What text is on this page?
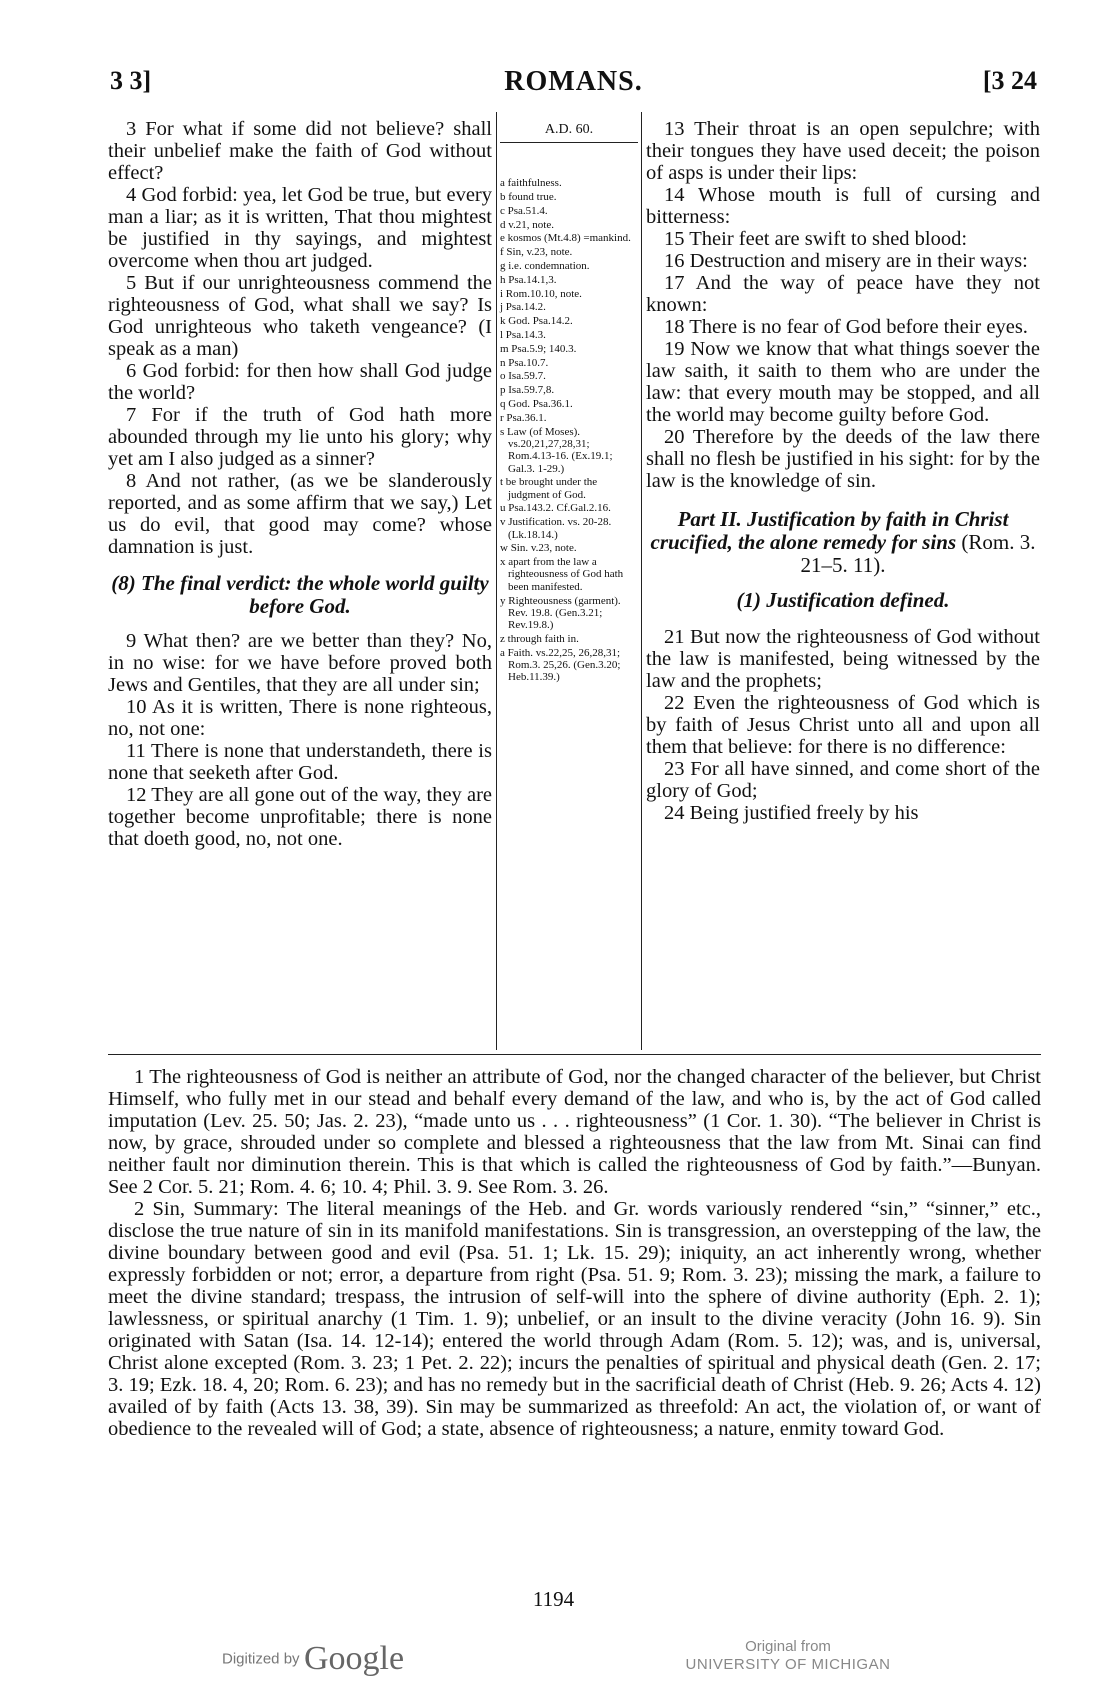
3 3]	ROMANS.	[3 24

3 For what if some did not believe? shall their unbelief make the faith of God without effect?

4 God forbid: yea, let God be true, but every man a liar; as it is written, That thou mightest be justified in thy sayings, and mightest overcome when thou art judged.

5 But if our unrighteousness commend the righteousness of God, what shall we say? Is God unrighteous who taketh vengeance? (I speak as a man)

6 God forbid: for then how shall God judge the world?

7 For if the truth of God hath more abounded through my lie unto his glory; why yet am I also judged as a sinner?

8 And not rather, (as we be slanderously reported, and as some affirm that we say,) Let us do evil, that good may come? whose damnation is just.

(8) The final verdict: the whole world guilty before God.

9 What then? are we better than they? No, in no wise: for we have before proved both Jews and Gentiles, that they are all under sin;

10 As it is written, There is none righteous, no, not one:

11 There is none that understandeth, there is none that seeketh after God.

12 They are all gone out of the way, they are together become unprofitable; there is none that doeth good, no, not one.

A.D. 60.
a faithfulness.
b found true.
c Psa.51.4.
d v.21, note.
e kosmos (Mt.4.8) =mankind.
f Sin, v.23, note.
g i.e. condemnation.
h Psa.14.1,3.
i Rom.10.10, note.
j Psa.14.2.
k God. Psa.14.2.
l Psa.14.3.
m Psa.5.9; 140.3.
n Psa.10.7.
o Isa.59.7.
p Isa.59.7,8.
q God. Psa.36.1.
r Psa.36.1.
s Law (of Moses). vs.20,21,27,28,31; Rom.4.13-16. (Ex.19.1; Gal.3. 1-29.)
t be brought under the judgment of God.
u Psa.143.2. Cf.Gal.2.16.
v Justification. vs. 20-28. (Lk.18.14.)
w Sin. v.23, note.
x apart from the law a righteousness of God hath been manifested.
y Righteousness (garment). Rev. 19.8. (Gen.3.21; Rev.19.8.)
z through faith in.
a Faith. vs.22,25, 26,28,31; Rom.3. 25,26. (Gen.3.20; Heb.11.39.)

13 Their throat is an open sepulchre; with their tongues they have used deceit; the poison of asps is under their lips:

14 Whose mouth is full of cursing and bitterness:

15 Their feet are swift to shed blood:

16 Destruction and misery are in their ways:

17 And the way of peace have they not known:

18 There is no fear of God before their eyes.

19 Now we know that what things soever the law saith, it saith to them who are under the law: that every mouth may be stopped, and all the world may become guilty before God.

20 Therefore by the deeds of the law there shall no flesh be justified in his sight: for by the law is the knowledge of sin.

Part II. Justification by faith in Christ crucified, the alone remedy for sins (Rom. 3. 21–5. 11).

(1) Justification defined.

21 But now the righteousness of God without the law is manifested, being witnessed by the law and the prophets;

22 Even the righteousness of God which is by faith of Jesus Christ unto all and upon all them that believe: for there is no difference:

23 For all have sinned, and come short of the glory of God;

24 Being justified freely by his

1 The righteousness of God is neither an attribute of God, nor the changed character of the believer, but Christ Himself, who fully met in our stead and behalf every demand of the law, and who is, by the act of God called imputation (Lev. 25. 50; Jas. 2. 23), “made unto us . . . righteousness” (1 Cor. 1. 30). “The believer in Christ is now, by grace, shrouded under so complete and blessed a righteousness that the law from Mt. Sinai can find neither fault nor diminution therein. This is that which is called the righteousness of God by faith.”—Bunyan. See 2 Cor. 5. 21; Rom. 4. 6; 10. 4; Phil. 3. 9. See Rom. 3. 26.

2 Sin, Summary: The literal meanings of the Heb. and Gr. words variously rendered “sin,” “sinner,” etc., disclose the true nature of sin in its manifold manifestations. Sin is transgression, an overstepping of the law, the divine boundary between good and evil (Psa. 51. 1; Lk. 15. 29); iniquity, an act inherently wrong, whether expressly forbidden or not; error, a departure from right (Psa. 51. 9; Rom. 3. 23); missing the mark, a failure to meet the divine standard; trespass, the intrusion of self-will into the sphere of divine authority (Eph. 2. 1); lawlessness, or spiritual anarchy (1 Tim. 1. 9); unbelief, or an insult to the divine veracity (John 16. 9). Sin originated with Satan (Isa. 14. 12-14); entered the world through Adam (Rom. 5. 12); was, and is, universal, Christ alone excepted (Rom. 3. 23; 1 Pet. 2. 22); incurs the penalties of spiritual and physical death (Gen. 2. 17; 3. 19; Ezk. 18. 4, 20; Rom. 6. 23); and has no remedy but in the sacrificial death of Christ (Heb. 9. 26; Acts 4. 12) availed of by faith (Acts 13. 38, 39). Sin may be summarized as threefold: An act, the violation of, or want of obedience to the revealed will of God; a state, absence of righteousness; a nature, enmity toward God.

1194
Digitized by Google	Original from
UNIVERSITY OF MICHIGAN
